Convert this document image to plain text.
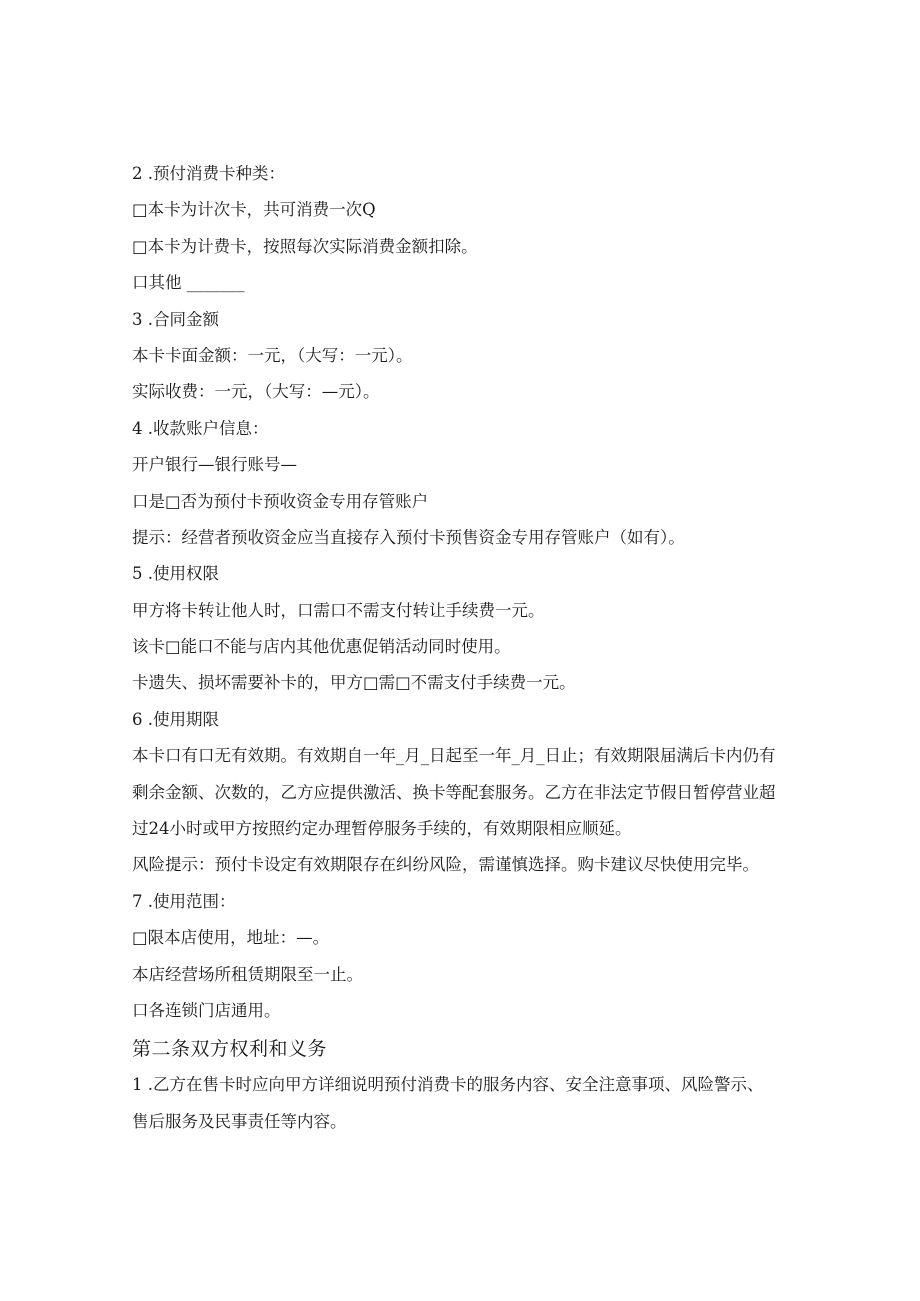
2 .预付消费卡种类：
□本卡为计次卡，共可消费一次Q
□本卡为计费卡，按照每次实际消费金额扣除。
口其他 _______
3 .合同金额
本卡卡面金额：一元，（大写：一元）。
实际收费：一元，（大写：—元）。
4 .收款账户信息：
开户银行—银行账号—
口是□否为预付卡预收资金专用存管账户
提示：经营者预收资金应当直接存入预付卡预售资金专用存管账户（如有）。
5 .使用权限
甲方将卡转让他人时，口需口不需支付转让手续费一元。
该卡□能口不能与店内其他优惠促销活动同时使用。
卡遗失、损坏需要补卡的，甲方□需□不需支付手续费一元。
6 .使用期限
本卡口有口无有效期。有效期自一年_月_日起至一年_月_日止；有效期限届满后卡内仍有
剩余金额、次数的，乙方应提供激活、换卡等配套服务。乙方在非法定节假日暂停营业超
过24小时或甲方按照约定办理暂停服务手续的，有效期限相应顺延。
风险提示：预付卡设定有效期限存在纠纷风险，需谨慎选择。购卡建议尽快使用完毕。
7 .使用范围：
□限本店使用，地址：—。
本店经营场所租赁期限至一止。
口各连锁门店通用。
第二条双方权利和义务
1 .乙方在售卡时应向甲方详细说明预付消费卡的服务内容、安全注意事项、风险警示、
售后服务及民事责任等内容。
